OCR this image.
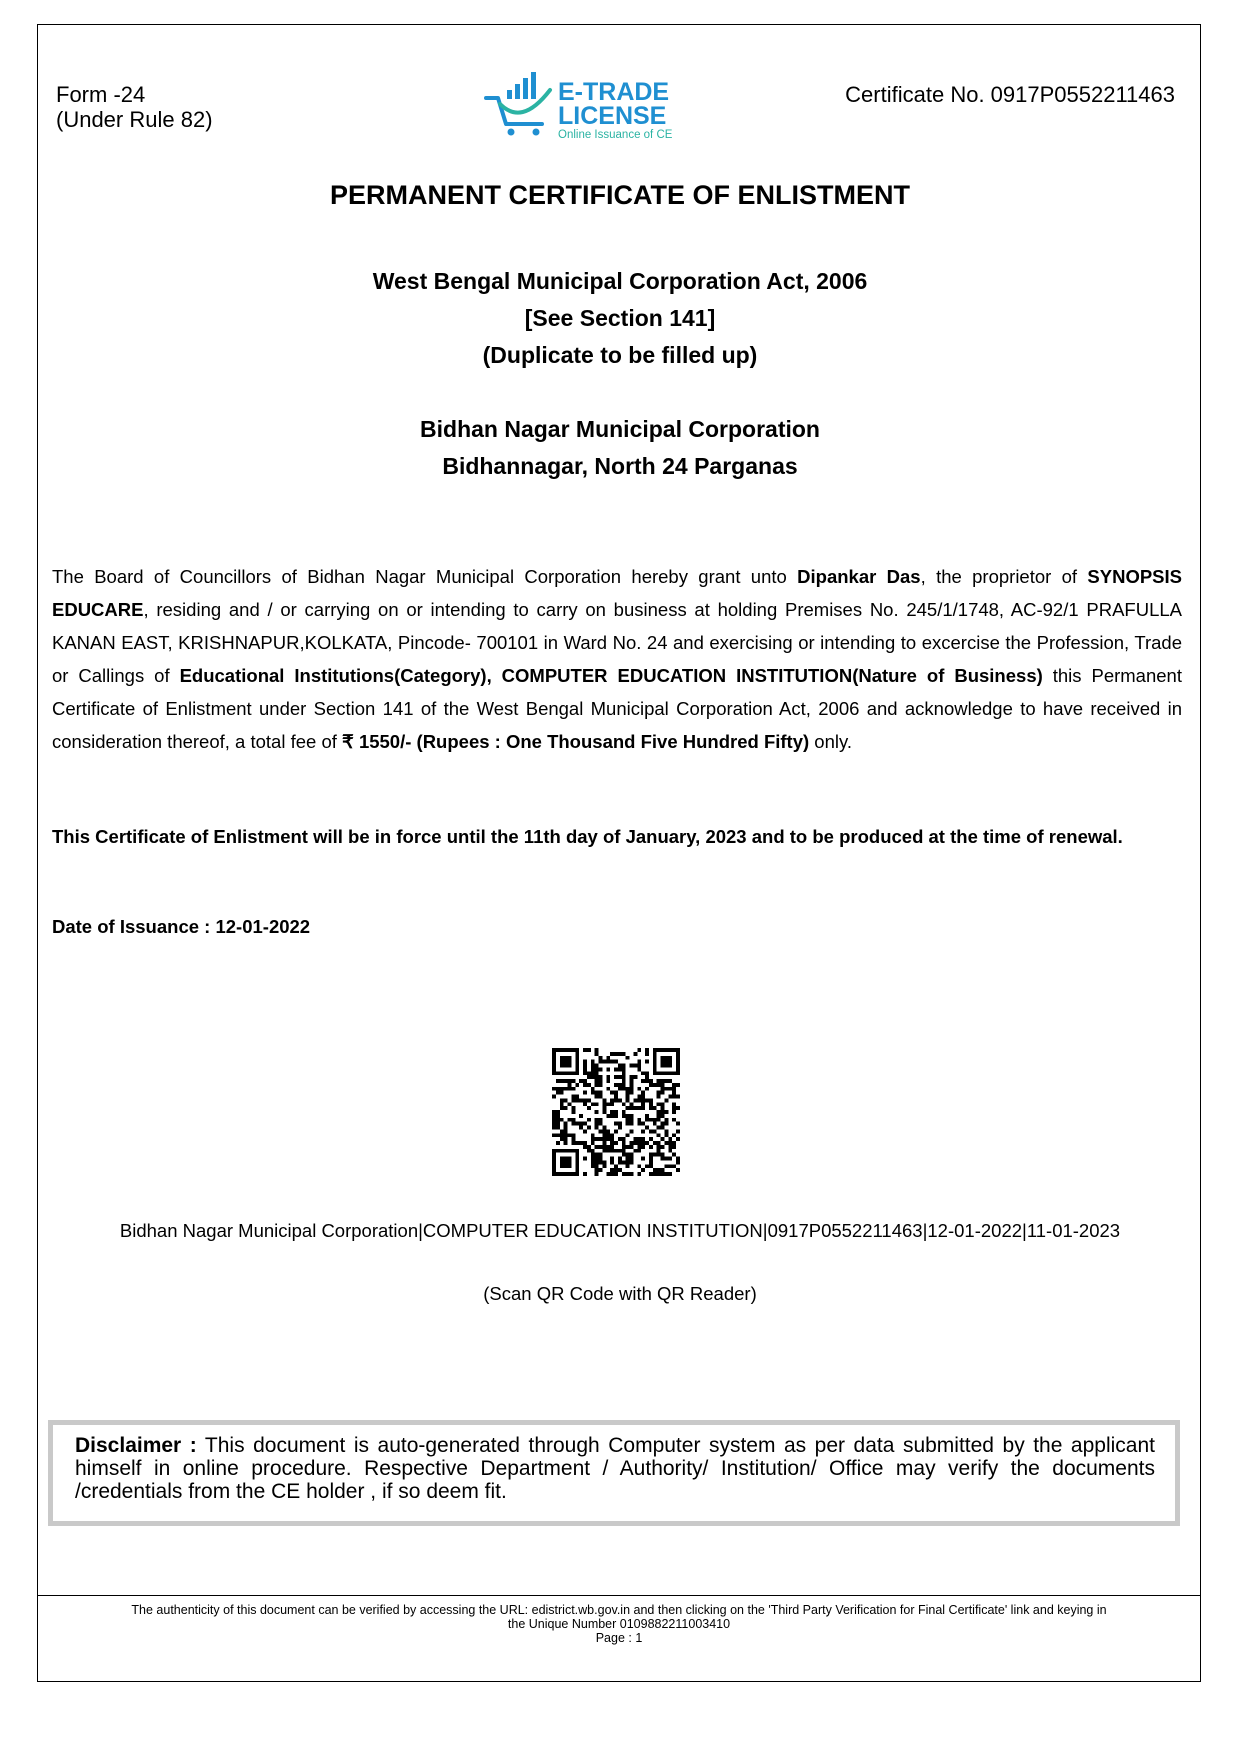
Form -24
(Under Rule 82)
E-TRADE
LICENSE
Online Issuance of CE
Certificate No. 0917P0552211463
PERMANENT CERTIFICATE OF ENLISTMENT
West Bengal Municipal Corporation Act, 2006
[See Section 141]
(Duplicate to be filled up)
Bidhan Nagar Municipal Corporation
Bidhannagar, North 24 Parganas
The Board of Councillors of Bidhan Nagar Municipal Corporation hereby grant unto Dipankar Das, the proprietor of SYNOPSIS EDUCARE, residing and / or carrying on or intending to carry on business at holding Premises No. 245/1/1748, AC-92/1 PRAFULLA KANAN EAST, KRISHNAPUR,KOLKATA, Pincode- 700101 in Ward No. 24 and exercising or intending to excercise the Profession, Trade or Callings of Educational Institutions(Category), COMPUTER EDUCATION INSTITUTION(Nature of Business) this Permanent Certificate of Enlistment under Section 141 of the West Bengal Municipal Corporation Act, 2006 and acknowledge to have received in consideration thereof, a total fee of ₹ 1550/- (Rupees : One Thousand Five Hundred Fifty) only.
This Certificate of Enlistment will be in force until the 11th day of January, 2023 and to be produced at the time of renewal.
Date of Issuance : 12-01-2022
Bidhan Nagar Municipal Corporation|COMPUTER EDUCATION INSTITUTION|0917P0552211463|12-01-2022|11-01-2023
(Scan QR Code with QR Reader)
Disclaimer : This document is auto-generated through Computer system as per data submitted by the applicant himself in online procedure. Respective Department / Authority/ Institution/ Office may verify the documents /credentials from the CE holder , if so deem fit.
The authenticity of this document can be verified by accessing the URL: edistrict.wb.gov.in and then clicking on the 'Third Party Verification for Final Certificate' link and keying in
the Unique Number 0109882211003410
Page : 1
